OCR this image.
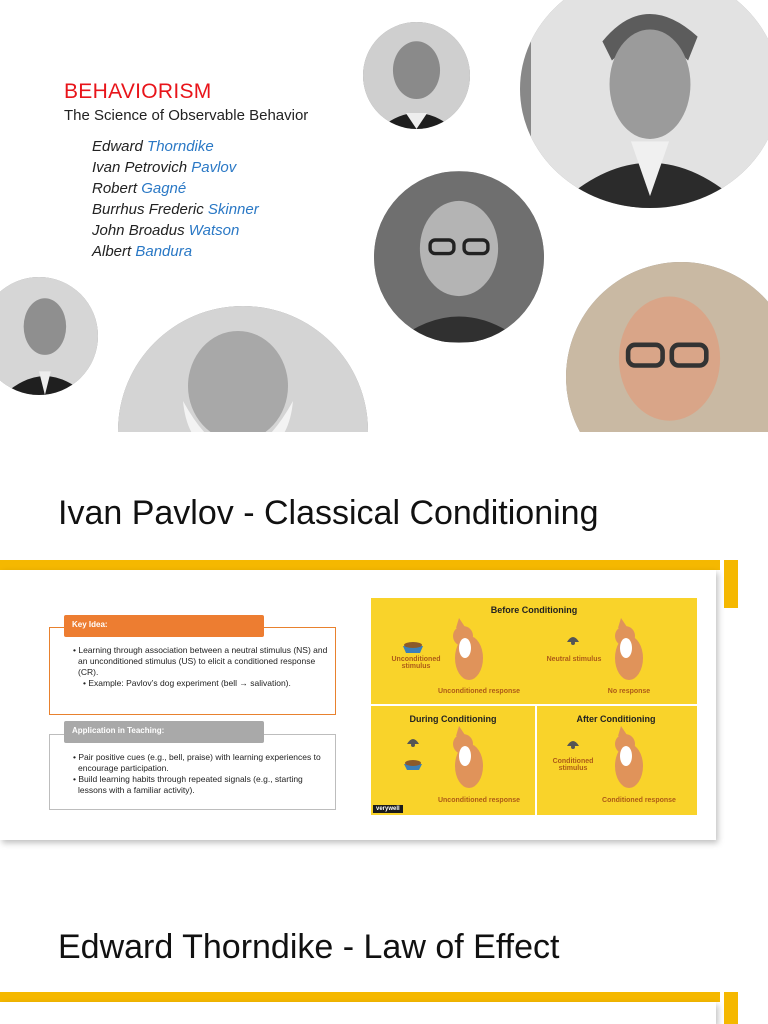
BEHAVIORISM
The Science of Observable Behavior
Edward Thorndike
Ivan Petrovich Pavlov
Robert Gagné
Burrhus Frederic Skinner
John Broadus Watson
Albert Bandura
Ivan Pavlov - Classical Conditioning
Key Idea:
• Learning through association between a neutral stimulus (NS) and an unconditioned stimulus (US) to elicit a conditioned response (CR).
• Example: Pavlov’s dog experiment (bell → salivation).
Application in Teaching:
• Pair positive cues (e.g., bell, praise) with learning experiences to encourage participation.
• Build learning habits through repeated signals (e.g., starting lessons with a familiar activity).
Before Conditioning
During Conditioning	After Conditioning
Unconditioned stimulus
Neutral stimulus
Unconditioned response	No response
Unconditioned response
Conditioned stimulus
Conditioned response
verywell
Edward Thorndike - Law of Effect
